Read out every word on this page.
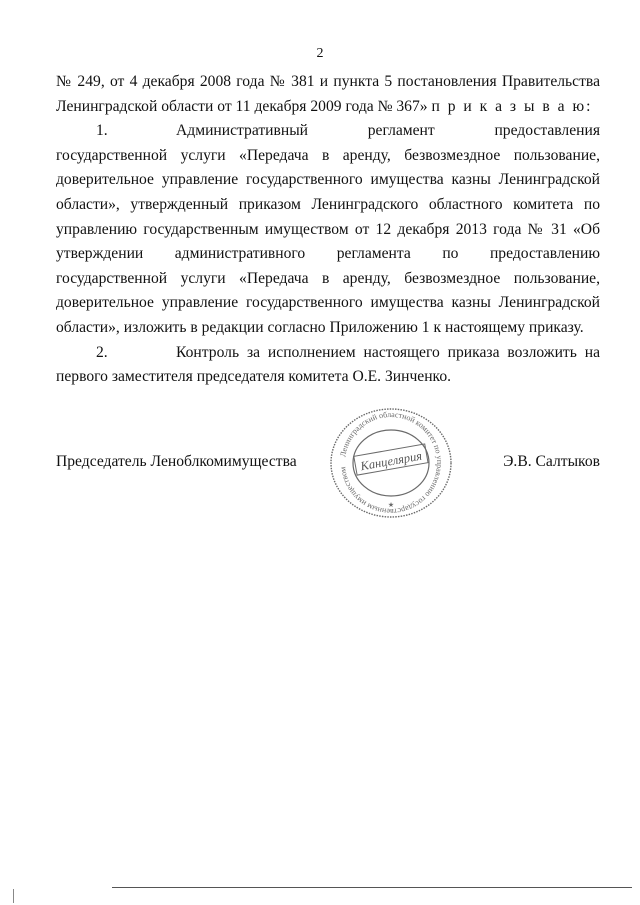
2

№ 249, от 4 декабря 2008 года № 381 и пункта 5 постановления Правительства Ленинградской области от 11 декабря 2009 года № 367» п р и к а з ы в а ю:

1.	Административный регламент предоставления государственной услуги «Передача в аренду, безвозмездное пользование, доверительное управление государственного имущества казны Ленинградской области», утвержденный приказом Ленинградского областного комитета по управлению государственным имуществом от 12 декабря 2013 года № 31 «Об утверждении административного регламента по предоставлению государственной услуги «Передача в аренду, безвозмездное пользование, доверительное управление государственного имущества казны Ленинградской области», изложить в редакции согласно Приложению 1 к настоящему приказу.

2.	Контроль за исполнением настоящего приказа возложить на первого заместителя председателя комитета О.Е. Зинченко.

Председатель Леноблкомимущества	Э.В. Салтыков
Ленинградский областной комитет по управлению государственным имуществом Канцелярия
★
